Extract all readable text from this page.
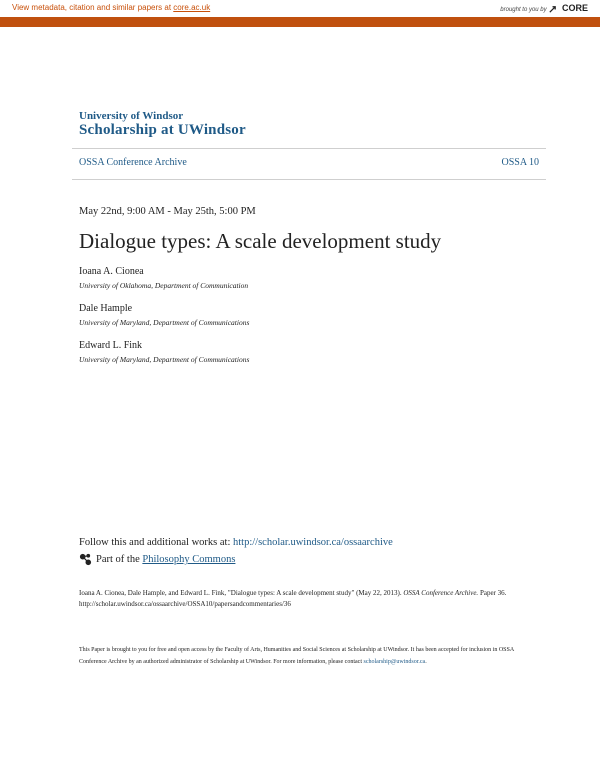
View metadata, citation and similar papers at core.ac.uk	brought to you by CORE
provided by Scholarship at UWindsor
University of Windsor
Scholarship at UWindsor
OSSA Conference Archive	OSSA 10
May 22nd, 9:00 AM - May 25th, 5:00 PM
Dialogue types: A scale development study
Ioana A. Cionea
University of Oklahoma, Department of Communication
Dale Hample
University of Maryland, Department of Communications
Edward L. Fink
University of Maryland, Department of Communications
Follow this and additional works at: http://scholar.uwindsor.ca/ossaarchive
Part of the
Philosophy Commons
Ioana A. Cionea, Dale Hample, and Edward L. Fink, "Dialogue types: A scale development study" (May 22, 2013). OSSA Conference Archive. Paper 36.
http://scholar.uwindsor.ca/ossaarchive/OSSA10/papersandcommentaries/36
This Paper is brought to you for free and open access by the Faculty of Arts, Humanities and Social Sciences at Scholarship at UWindsor. It has been accepted for inclusion in OSSA Conference Archive by an authorized administrator of Scholarship at UWindsor. For more information, please contact scholarship@uwindsor.ca.
